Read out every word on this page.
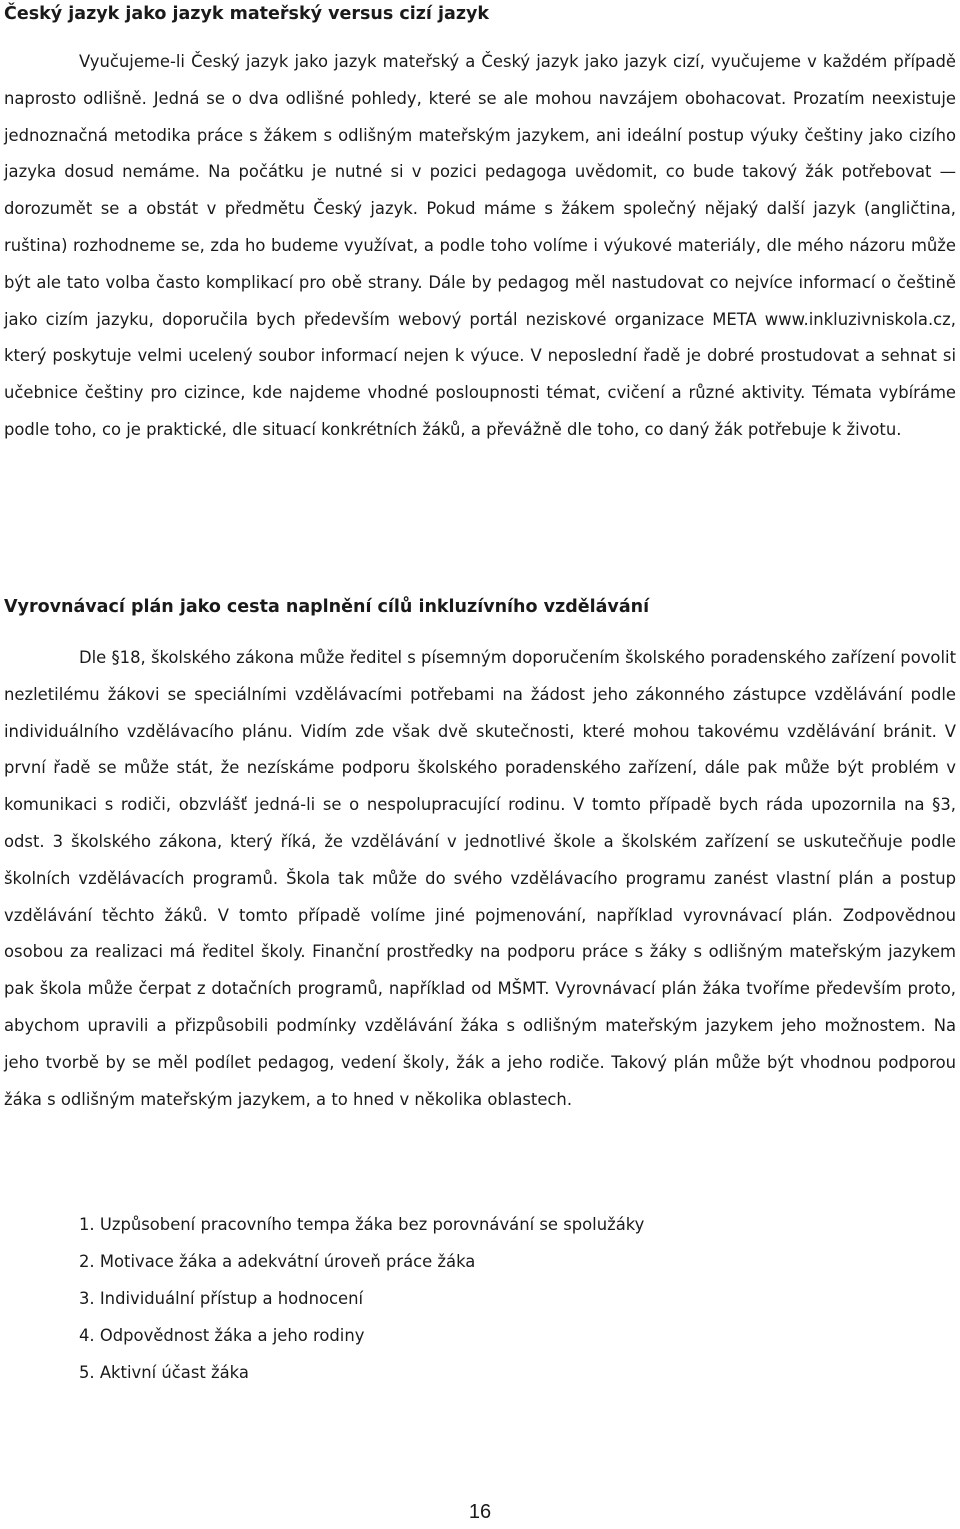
Český jazyk jako jazyk mateřský versus cizí jazyk

Vyučujeme-li Český jazyk jako jazyk mateřský a Český jazyk jako jazyk cizí, vyučujeme v každém případě naprosto odlišně. Jedná se o dva odlišné pohledy, které se ale mohou navzájem obohacovat. Prozatím neexistuje jednoznačná metodika práce s žákem s odlišným mateřským jazykem, ani ideální postup výuky češtiny jako cizího jazyka dosud nemáme. Na počátku je nutné si v pozici pedagoga uvědomit, co bude takový žák potřebovat — dorozumět se a obstát v předmětu Český jazyk. Pokud máme s žákem společný nějaký další jazyk (angličtina, ruština) rozhodneme se, zda ho budeme využívat, a podle toho volíme i výukové materiály, dle mého názoru může být ale tato volba často komplikací pro obě strany. Dále by pedagog měl nastudovat co nejvíce informací o češtině jako cizím jazyku, doporučila bych především webový portál neziskové organizace META www.inkluzivniskola.cz, který poskytuje velmi ucelený soubor informací nejen k výuce. V neposlední řadě je dobré prostudovat a sehnat si učebnice češtiny pro cizince, kde najdeme vhodné posloupnosti témat, cvičení a různé aktivity. Témata vybíráme podle toho, co je praktické, dle situací konkrétních žáků, a převážně dle toho, co daný žák potřebuje k životu.

Vyrovnávací plán jako cesta naplnění cílů inkluzívního vzdělávání

Dle §18, školského zákona může ředitel s písemným doporučením školského poradenského zařízení povolit nezletilému žákovi se speciálními vzdělávacími potřebami na žádost jeho zákonného zástupce vzdělávání podle individuálního vzdělávacího plánu. Vidím zde však dvě skutečnosti, které mohou takovému vzdělávání bránit. V první řadě se může stát, že nezískáme podporu školského poradenského zařízení, dále pak může být problém v komunikaci s rodiči, obzvlášť jedná-li se o nespolupracující rodinu. V tomto případě bych ráda upozornila na §3, odst. 3 školského zákona, který říká, že vzdělávání v jednotlivé škole a školském zařízení se uskutečňuje podle školních vzdělávacích programů. Škola tak může do svého vzdělávacího programu zanést vlastní plán a postup vzdělávání těchto žáků. V tomto případě volíme jiné pojmenování, například vyrovnávací plán. Zodpovědnou osobou za realizaci má ředitel školy. Finanční prostředky na podporu práce s žáky s odlišným mateřským jazykem pak škola může čerpat z dotačních programů, například od MŠMT. Vyrovnávací plán žáka tvoříme především proto, abychom upravili a přizpůsobili podmínky vzdělávání žáka s odlišným mateřským jazykem jeho možnostem. Na jeho tvorbě by se měl podílet pedagog, vedení školy, žák a jeho rodiče. Takový plán může být vhodnou podporou žáka s odlišným mateřským jazykem, a to hned v několika oblastech.

1. Uzpůsobení pracovního tempa žáka bez porovnávání se spolužáky
2. Motivace žáka a adekvátní úroveň práce žáka
3. Individuální přístup a hodnocení
4. Odpovědnost žáka a jeho rodiny
5. Aktivní účast žáka
16
